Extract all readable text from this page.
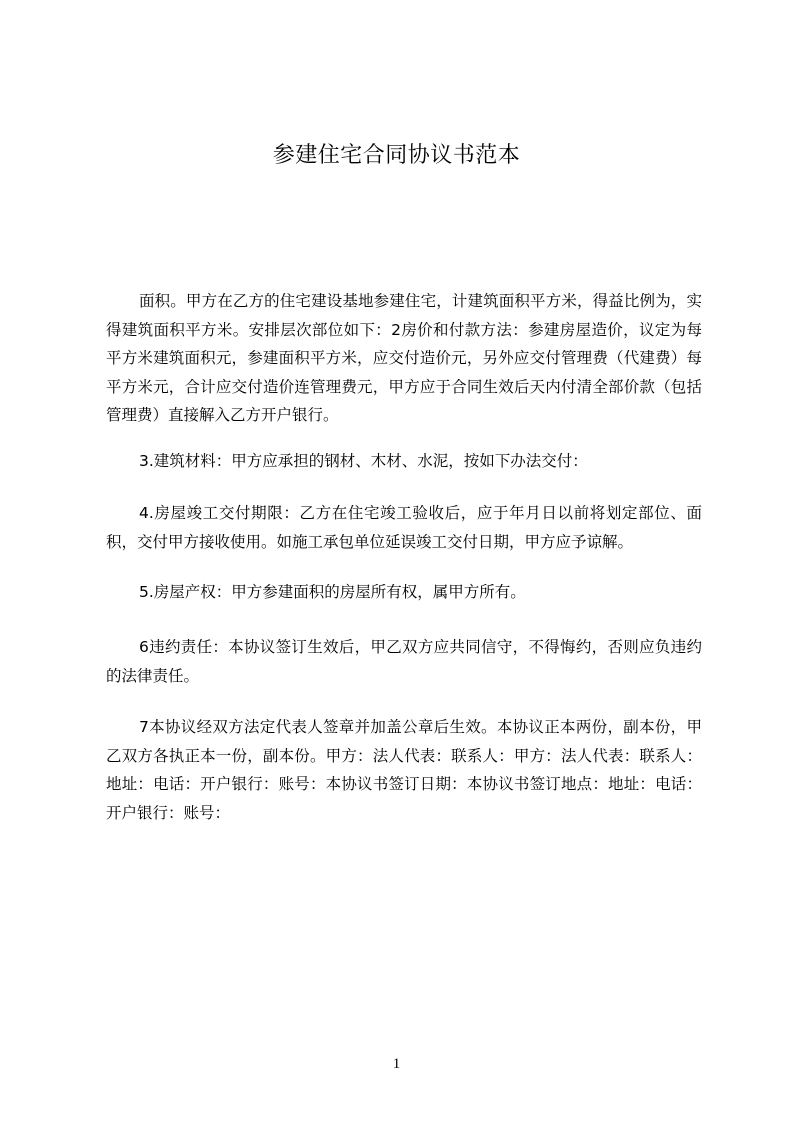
参建住宅合同协议书范本

面积。甲方在乙方的住宅建设基地参建住宅，计建筑面积平方米，得益比例为，实得建筑面积平方米。安排层次部位如下：2房价和付款方法：参建房屋造价，议定为每平方米建筑面积元，参建面积平方米，应交付造价元，另外应交付管理费（代建费）每平方米元，合计应交付造价连管理费元，甲方应于合同生效后天内付清全部价款（包括管理费）直接解入乙方开户银行。

3.建筑材料：甲方应承担的钢材、木材、水泥，按如下办法交付：

4.房屋竣工交付期限：乙方在住宅竣工验收后，应于年月日以前将划定部位、面积，交付甲方接收使用。如施工承包单位延误竣工交付日期，甲方应予谅解。

5.房屋产权：甲方参建面积的房屋所有权，属甲方所有。

6违约责任：本协议签订生效后，甲乙双方应共同信守，不得悔约，否则应负违约的法律责任。

7本协议经双方法定代表人签章并加盖公章后生效。本协议正本两份，副本份，甲乙双方各执正本一份，副本份。甲方：法人代表：联系人：甲方：法人代表：联系人：地址：电话：开户银行：账号：本协议书签订日期：本协议书签订地点：地址：电话：开户银行：账号：

1
